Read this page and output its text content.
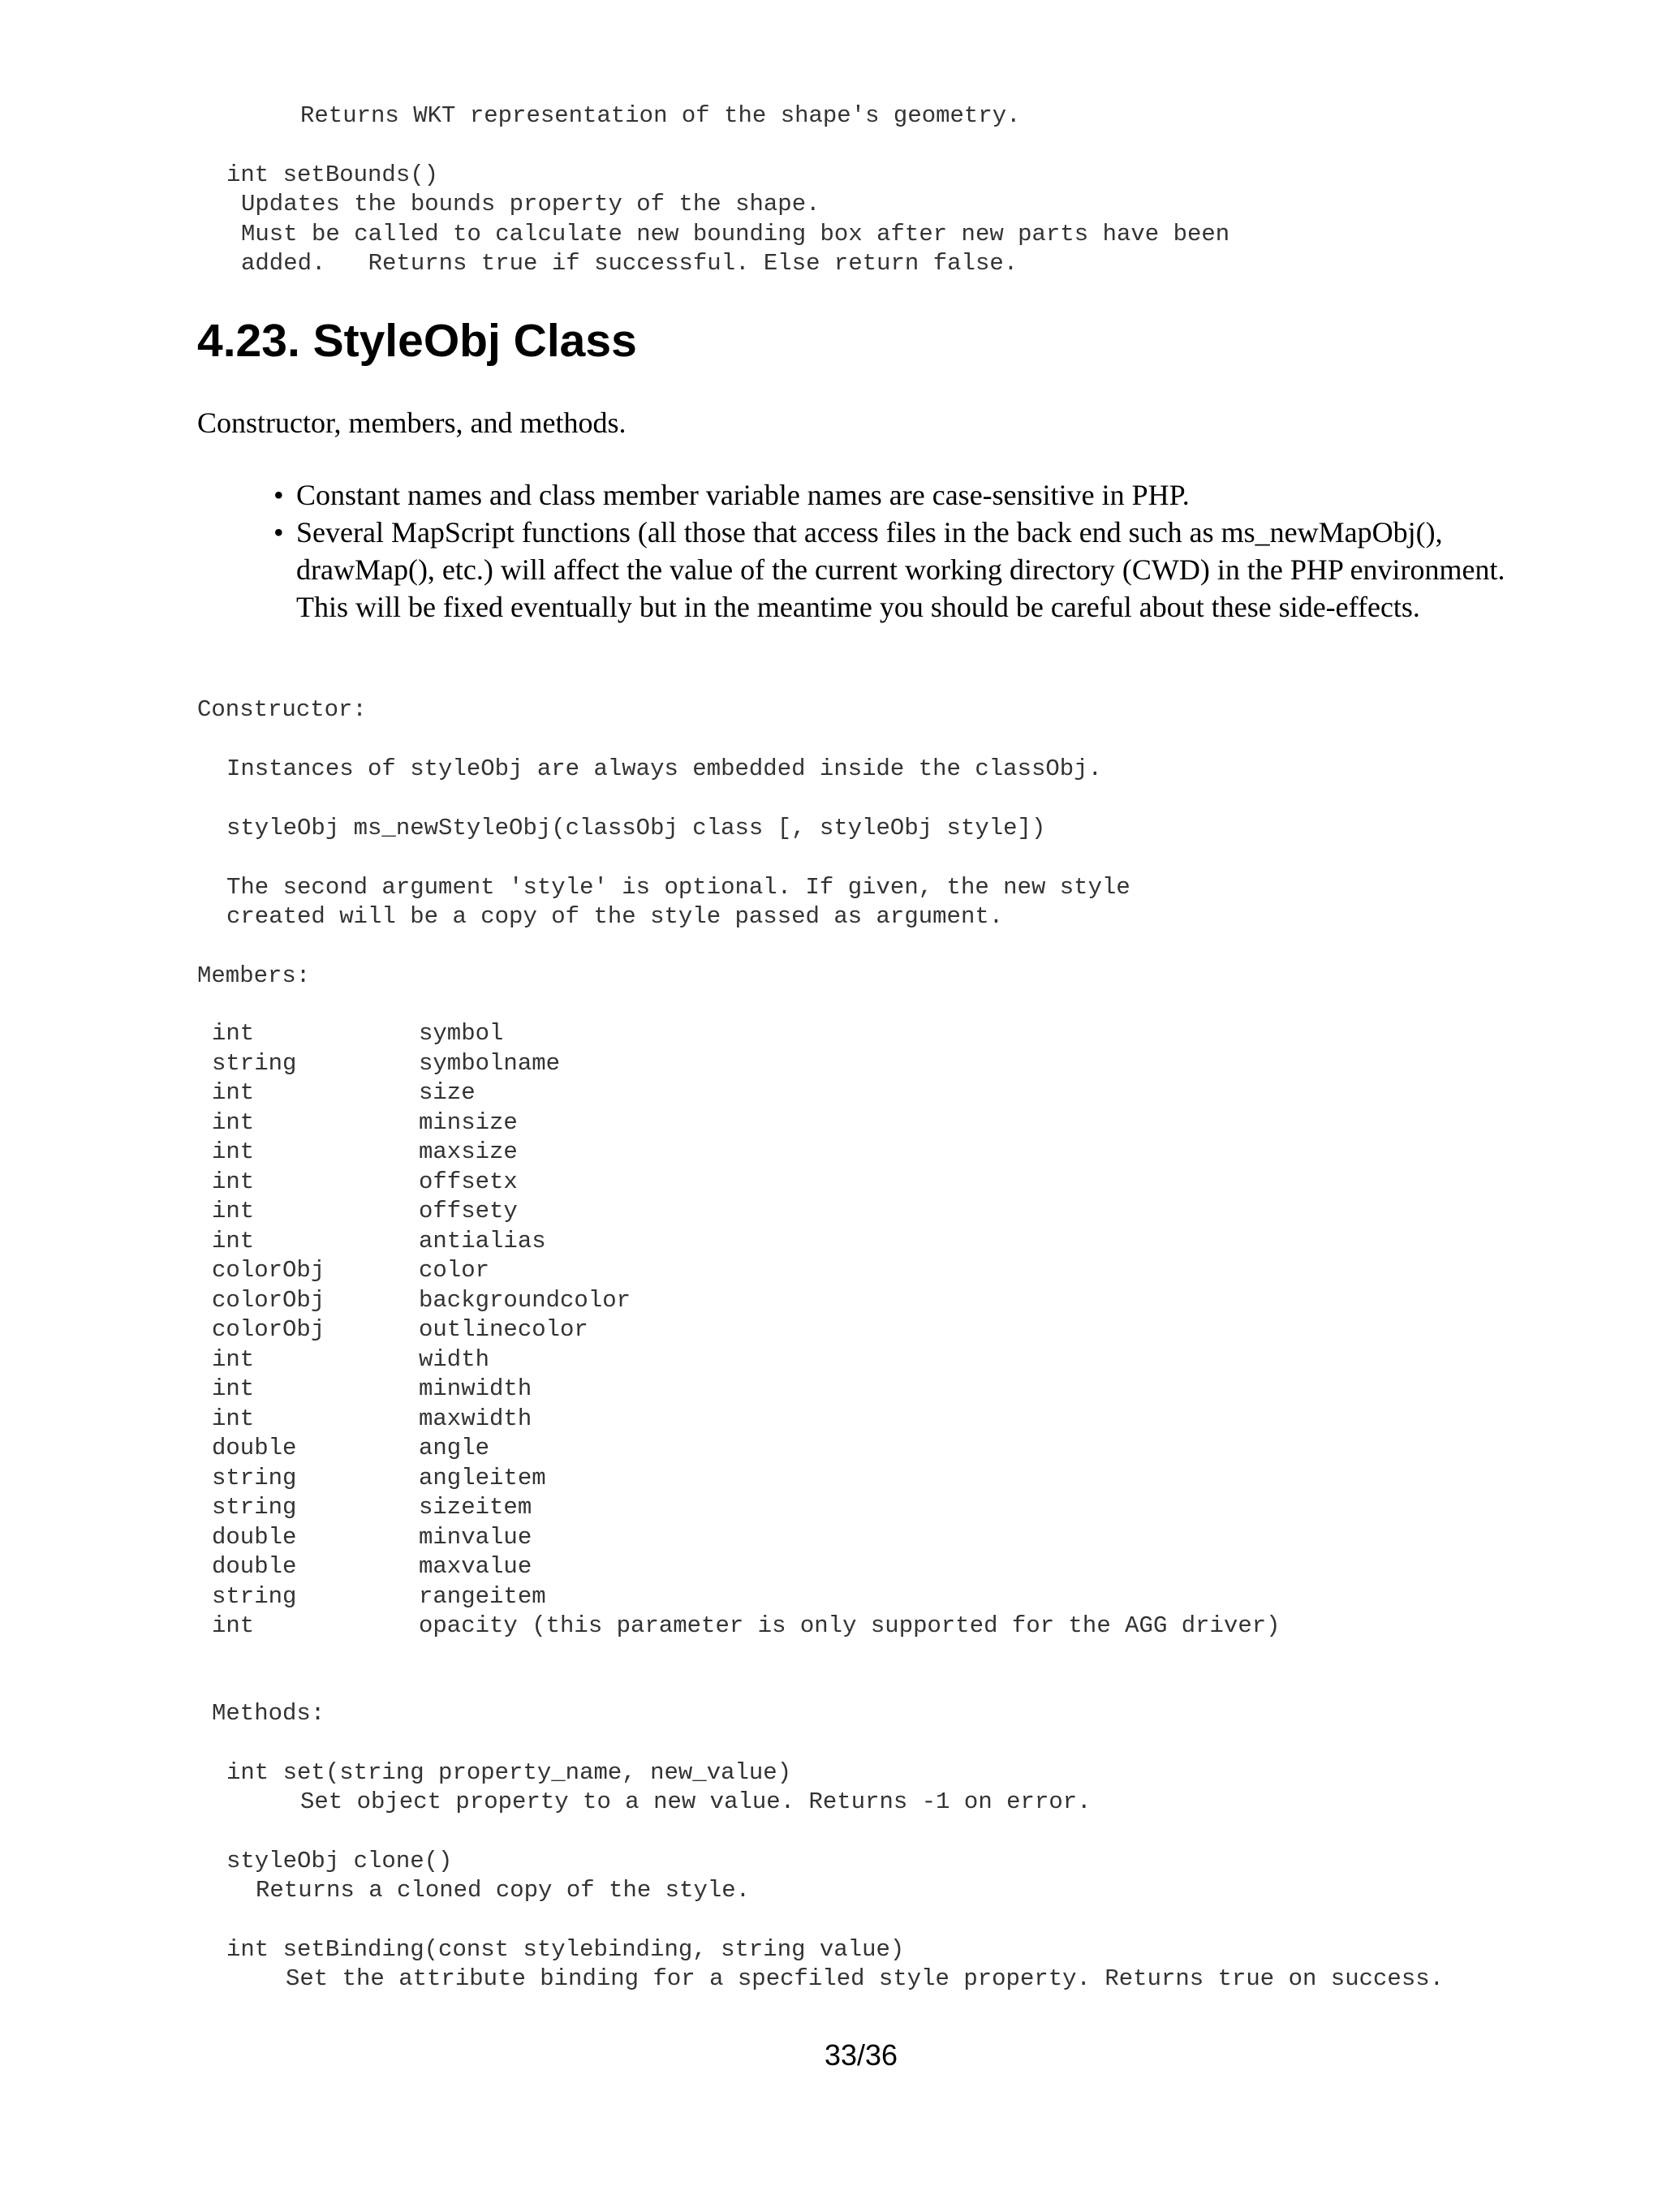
Returns WKT representation of the shape's geometry.
int setBounds()
Updates the bounds property of the shape.
Must be called to calculate new bounding box after new parts have been
added.   Returns true if successful. Else return false.
4.23. StyleObj Class

Constructor, members, and methods.

• Constant names and class member variable names are case-sensitive in PHP.
• Several MapScript functions (all those that access files in the back end such as ms_newMapObj(), drawMap(), etc.) will affect the value of the current working directory (CWD) in the PHP environment. This will be fixed eventually but in the meantime you should be careful about these side-effects.
Constructor:
Instances of styleObj are always embedded inside the classObj.
styleObj ms_newStyleObj(classObj class [, styleObj style])
The second argument 'style' is optional. If given, the new style
created will be a copy of the style passed as argument.
Members:
int	symbol
string	symbolname
int	size
int	minsize
int	maxsize
int	offsetx
int	offsety
int	antialias
colorObj	color
colorObj	backgroundcolor
colorObj	outlinecolor
int	width
int	minwidth
int	maxwidth
double	angle
string	angleitem
string	sizeitem
double	minvalue
double	maxvalue
string	rangeitem
int	opacity (this parameter is only supported for the AGG driver)
Methods:
int set(string property_name, new_value)
Set object property to a new value. Returns -1 on error.
styleObj clone()
Returns a cloned copy of the style.
int setBinding(const stylebinding, string value)
Set the attribute binding for a specfiled style property. Returns true on success.
33/36
